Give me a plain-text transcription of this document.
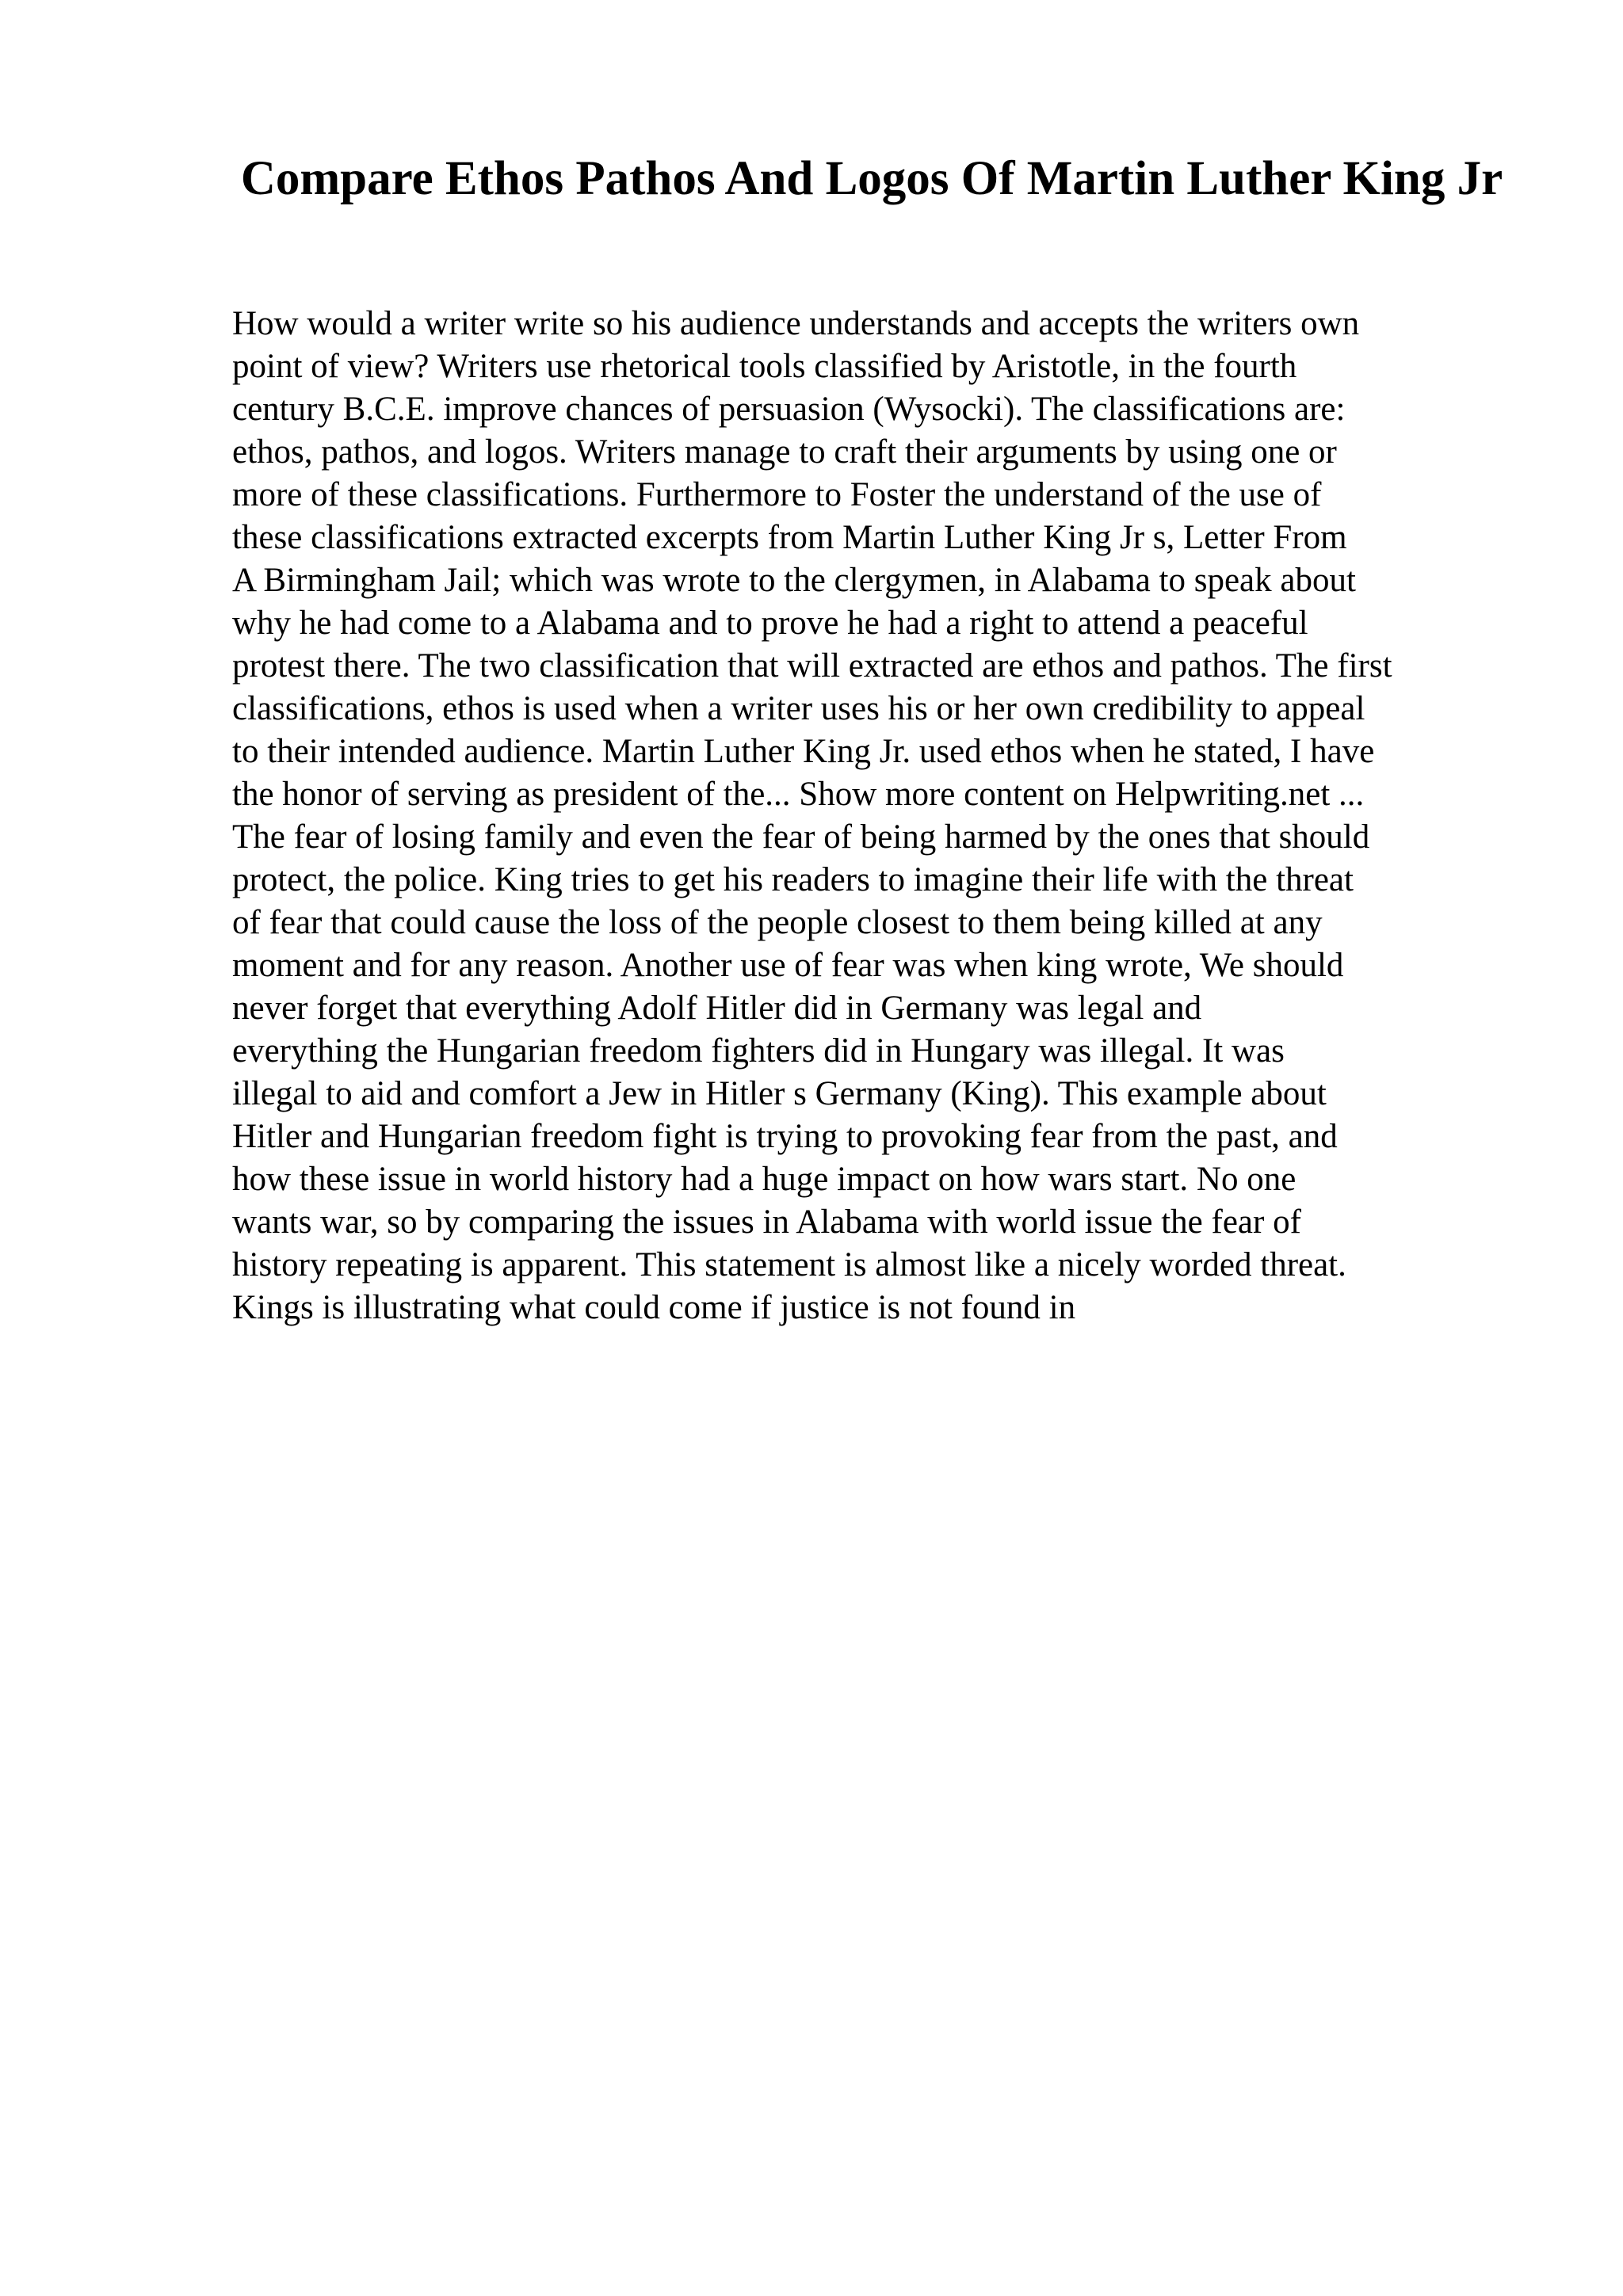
Compare Ethos Pathos And Logos Of Martin Luther King Jr
How would a writer write so his audience understands and accepts the writers own
point of view? Writers use rhetorical tools classified by Aristotle, in the fourth
century B.C.E. improve chances of persuasion (Wysocki). The classifications are:
ethos, pathos, and logos. Writers manage to craft their arguments by using one or
more of these classifications. Furthermore to Foster the understand of the use of
these classifications extracted excerpts from Martin Luther King Jr s, Letter From
A Birmingham Jail; which was wrote to the clergymen, in Alabama to speak about
why he had come to a Alabama and to prove he had a right to attend a peaceful
protest there. The two classification that will extracted are ethos and pathos. The first
classifications, ethos is used when a writer uses his or her own credibility to appeal
to their intended audience. Martin Luther King Jr. used ethos when he stated, I have
the honor of serving as president of the... Show more content on Helpwriting.net ...
The fear of losing family and even the fear of being harmed by the ones that should
protect, the police. King tries to get his readers to imagine their life with the threat
of fear that could cause the loss of the people closest to them being killed at any
moment and for any reason. Another use of fear was when king wrote, We should
never forget that everything Adolf Hitler did in Germany was legal and
everything the Hungarian freedom fighters did in Hungary was illegal. It was
illegal to aid and comfort a Jew in Hitler s Germany (King). This example about
Hitler and Hungarian freedom fight is trying to provoking fear from the past, and
how these issue in world history had a huge impact on how wars start. No one
wants war, so by comparing the issues in Alabama with world issue the fear of
history repeating is apparent. This statement is almost like a nicely worded threat.
Kings is illustrating what could come if justice is not found in
